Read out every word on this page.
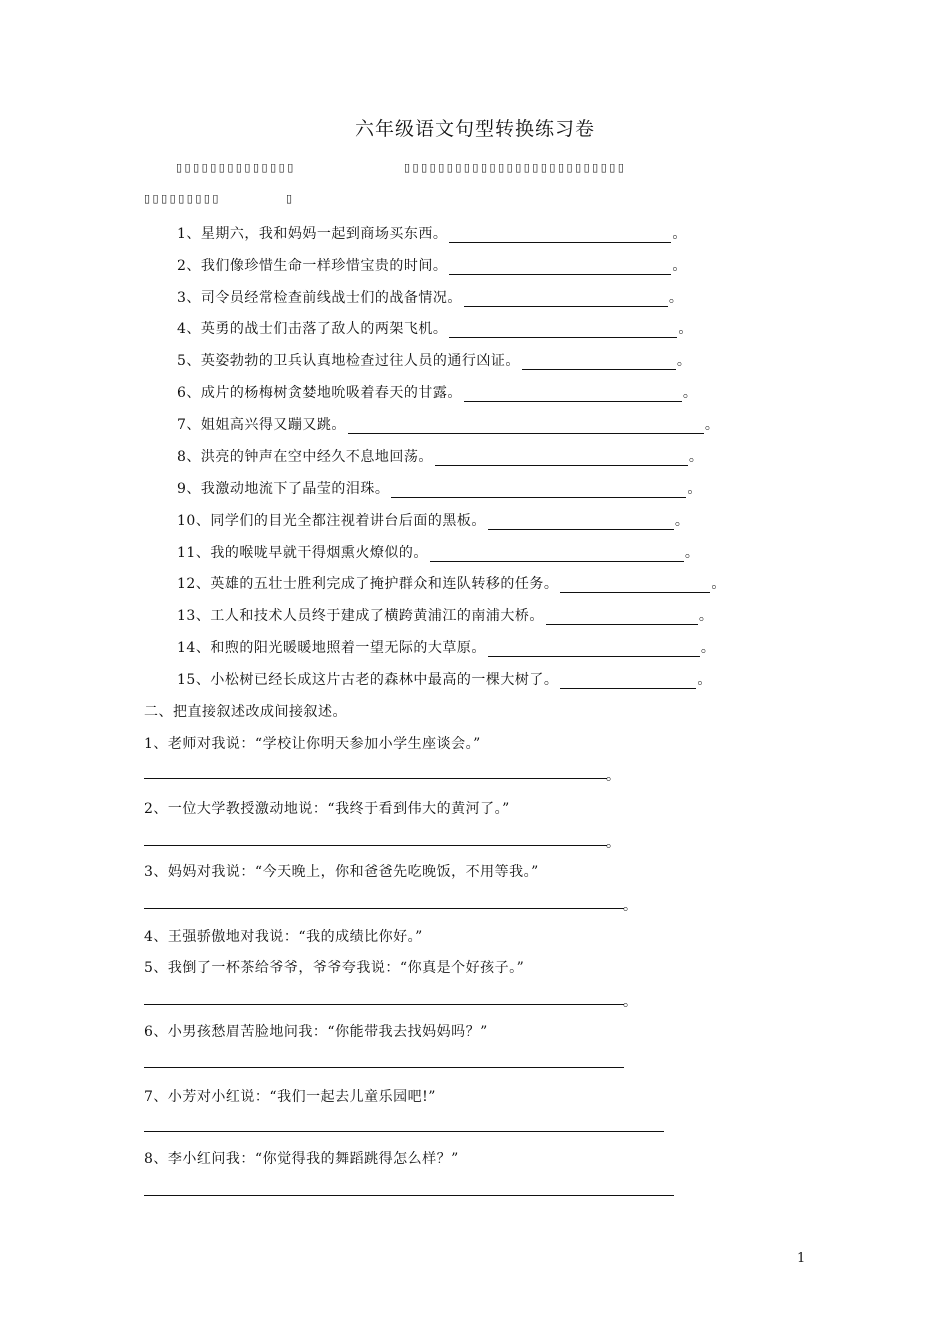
六年级语文句型转换练习卷
▯▯▯▯▯▯▯▯▯▯▯▯▯▯	▯▯▯▯▯▯▯▯▯▯▯▯▯▯▯▯▯▯▯▯▯▯▯▯▯▯
▯▯▯▯▯▯▯▯▯	▯
1、星期六，我和妈妈一起到商场买东西。	。
2、我们像珍惜生命一样珍惜宝贵的时间。	。
3、司令员经常检查前线战士们的战备情况。	。
4、英勇的战士们击落了敌人的两架飞机。	。
5、英姿勃勃的卫兵认真地检查过往人员的通行凶证。	。
6、成片的杨梅树贪婪地吮吸着春天的甘露。	。
7、姐姐高兴得又蹦又跳。	。
8、洪亮的钟声在空中经久不息地回荡。	。
9、我激动地流下了晶莹的泪珠。	。
10、同学们的目光全都注视着讲台后面的黑板。	。
11、我的喉咙早就干得烟熏火燎似的。	。
12、英雄的五壮士胜利完成了掩护群众和连队转移的任务。	。
13、工人和技术人员终于建成了横跨黄浦江的南浦大桥。	。
14、和煦的阳光暖暖地照着一望无际的大草原。	。
15、小松树已经长成这片古老的森林中最高的一棵大树了。	。
二、把直接叙述改成间接叙述。
1、老师对我说：“学校让你明天参加小学生座谈会。”
。
2、一位大学教授激动地说：“我终于看到伟大的黄河了。”
。
3、妈妈对我说：“今天晚上，你和爸爸先吃晚饭，不用等我。”
。
4、王强骄傲地对我说：“我的成绩比你好。”
5、我倒了一杯茶给爷爷，爷爷夸我说：“你真是个好孩子。”
。
6、小男孩愁眉苦脸地问我：“你能带我去找妈妈吗？”
7、小芳对小红说：“我们一起去儿童乐园吧!”
8、李小红问我：“你觉得我的舞蹈跳得怎么样？”
1
